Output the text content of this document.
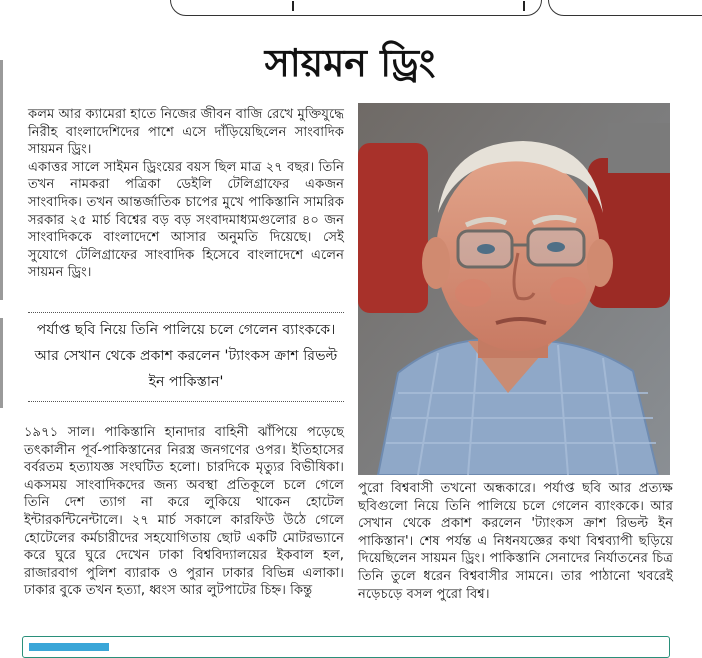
সায়মন ড্রিং

কলম আর ক্যামেরা হাতে নিজের জীবন বাজি রেখে মুক্তিযুদ্ধে নিরীহ বাংলাদেশিদের পাশে এসে দাঁড়িয়েছিলেন সাংবাদিক সায়মন ড্রিং।

একাত্তর সালে সাইমন ড্রিংয়ের বয়স ছিল মাত্র ২৭ বছর। তিনি তখন নামকরা পত্রিকা ডেইলি টেলিগ্রাফের একজন সাংবাদিক। তখন আন্তর্জাতিক চাপের মুখে পাকিস্তানি সামরিক সরকার ২৫ মার্চ বিশ্বের বড় বড় সংবাদমাধ্যমগুলোর ৪০ জন সাংবাদিককে বাংলাদেশে আসার অনুমতি দিয়েছে। সেই সুযোগে টেলিগ্রাফের সাংবাদিক হিসেবে বাংলাদেশে এলেন সায়মন ড্রিং।

পর্যাপ্ত ছবি নিয়ে তিনি পালিয়ে চলে গেলেন ব্যাংককে। আর সেখান থেকে প্রকাশ করলেন 'ট্যাংকস ক্রাশ রিভল্ট ইন পাকিস্তান'

১৯৭১ সাল। পাকিস্তানি হানাদার বাহিনী ঝাঁপিয়ে পড়েছে তৎকালীন পূর্ব-পাকিস্তানের নিরস্ত্র জনগণের ওপর। ইতিহাসের বর্বরতম হত্যাযজ্ঞ সংঘটিত হলো। চারদিকে মৃত্যুর বিভীষিকা। একসময় সাংবাদিকদের জন্য অবস্থা প্রতিকূলে চলে গেলে তিনি দেশ ত্যাগ না করে লুকিয়ে থাকেন হোটেল ইন্টারকন্টিনেন্টালে। ২৭ মার্চ সকালে কারফিউ উঠে গেলে হোটেলের কর্মচারীদের সহযোগিতায় ছোট একটি মোটরভ্যানে করে ঘুরে ঘুরে দেখেন ঢাকা বিশ্ববিদ্যালয়ের ইকবাল হল, রাজারবাগ পুলিশ ব্যারাক ও পুরান ঢাকার বিভিন্ন এলাকা। ঢাকার বুকে তখন হত্যা, ধ্বংস আর লুটপাটের চিহ্ন। কিন্তু

পুরো বিশ্ববাসী তখনো অন্ধকারে। পর্যাপ্ত ছবি আর প্রত্যক্ষ ছবিগুলো নিয়ে তিনি পালিয়ে চলে গেলেন ব্যাংককে। আর সেখান থেকে প্রকাশ করলেন 'ট্যাংকস ক্রাশ রিভল্ট ইন পাকিস্তান'। শেষ পর্যন্ত এ নিধনযজ্ঞের কথা বিশ্বব্যাপী ছড়িয়ে দিয়েছিলেন সায়মন ড্রিং। পাকিস্তানি সেনাদের নির্যাতনের চিত্র তিনি তুলে ধরেন বিশ্ববাসীর সামনে। তার পাঠানো খবরেই নড়েচড়ে বসল পুরো বিশ্ব।
